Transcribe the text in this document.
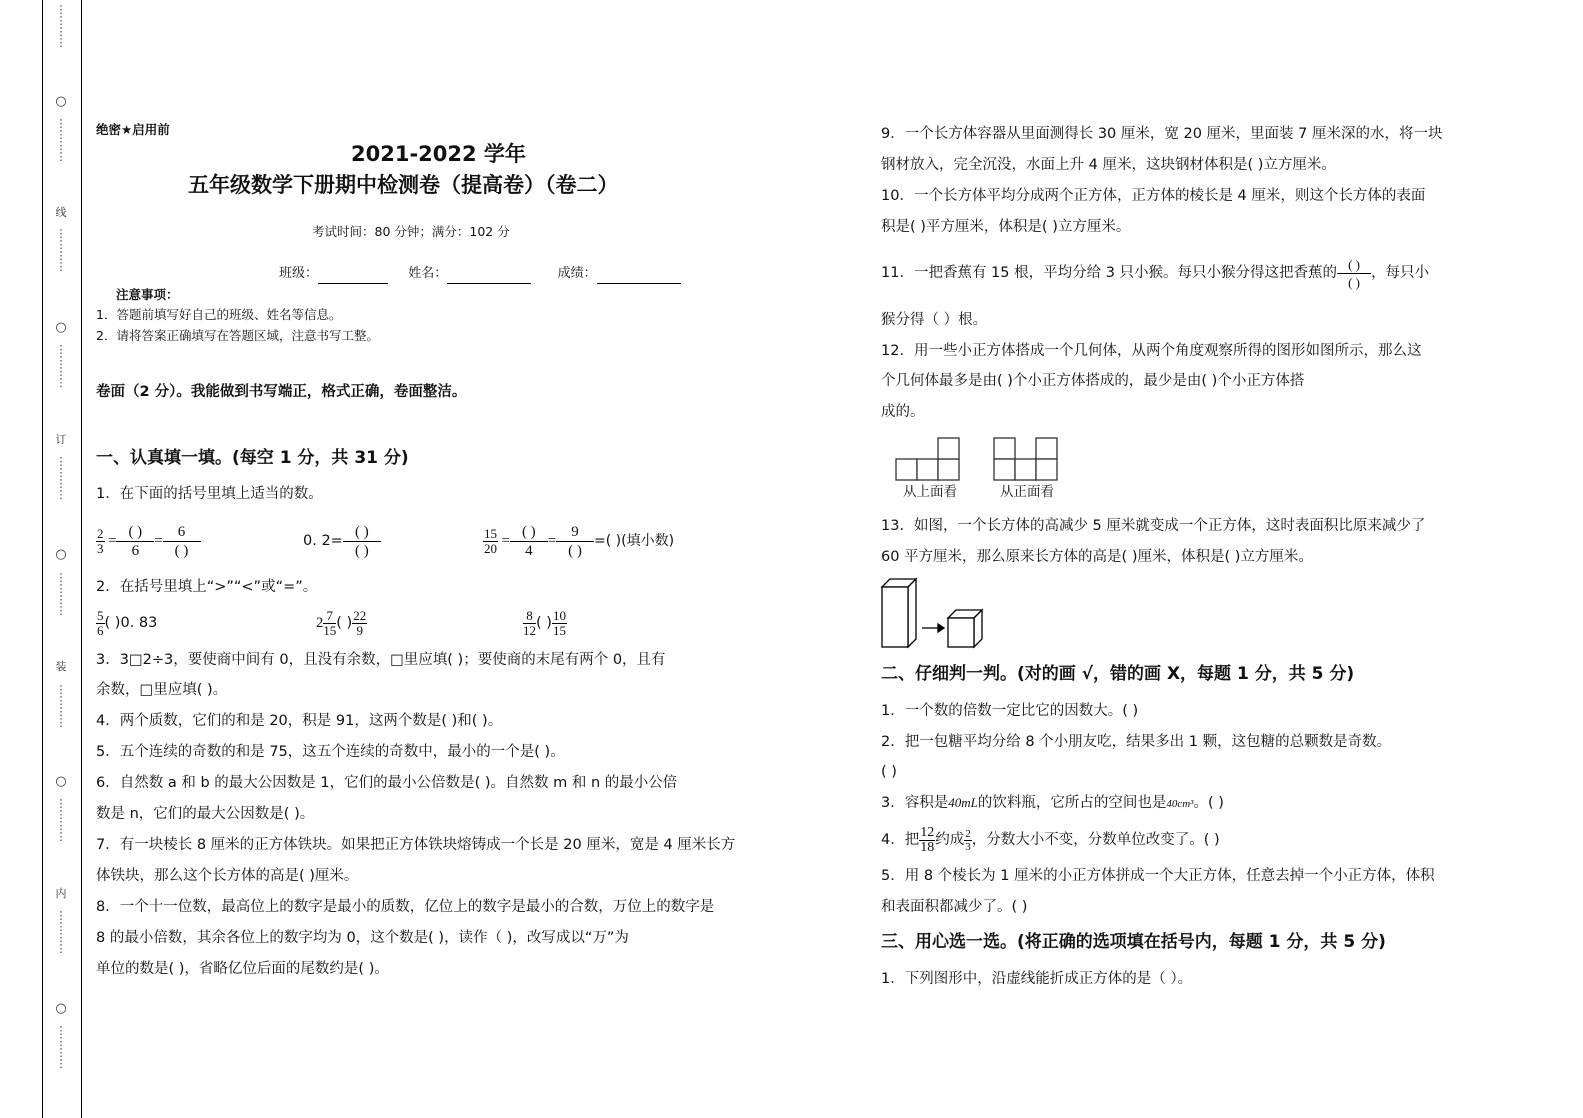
⋮
⋮
⋮
⋮
○
⋮
⋮
⋮
⋮
线
⋮
⋮
⋮
⋮
○
⋮
⋮
⋮
⋮
订
⋮
⋮
⋮
⋮
○
⋮
⋮
⋮
⋮
装
⋮
⋮
⋮
⋮
○
⋮
⋮
⋮
⋮
内
⋮
⋮
⋮
⋮
○
⋮
⋮
⋮
⋮
绝密★启用前
2021-2022 学年
五年级数学下册期中检测卷（提高卷）（卷二）
考试时间：80 分钟；满分：102 分
班级：	姓名：	成绩：
注意事项：
1．答题前填写好自己的班级、姓名等信息。
2．请将答案正确填写在答题区域，注意书写工整。
卷面（2 分）。我能做到书写端正，格式正确，卷面整洁。
一、认真填一填。(每空 1 分，共 31 分)
1．在下面的括号里填上适当的数。
$\frac{2}{3}$ =
( )
6
=
6
( )
0. 2=
( )
( )	$\frac{15}{20}$ =
( )
4
=
9
( )
=( )(填小数)
2．在括号里填上“>”“<”或“=”。
$\frac{5}{6}$ ( )0. 83	$2 \frac{7}{15}$ ( ) $\frac{22}{9}$	$\frac{8}{12}$ ( ) $\frac{10}{15}$
3．3□2÷3，要使商中间有 0，且没有余数，□里应填( )；要使商的末尾有两个 0，且有
余数，□里应填( )。
4．两个质数，它们的和是 20，积是 91，这两个数是( )和( )。
5．五个连续的奇数的和是 75，这五个连续的奇数中，最小的一个是( )。
6．自然数 a 和 b 的最大公因数是 1，它们的最小公倍数是( )。自然数 m 和 n 的最小公倍
数是 n，它们的最大公因数是( )。
7．有一块棱长 8 厘米的正方体铁块。如果把正方体铁块熔铸成一个长是 20 厘米，宽是 4 厘米长方
体铁块，那么这个长方体的高是( )厘米。
8．一个十一位数，最高位上的数字是最小的质数，亿位上的数字是最小的合数，万位上的数字是
8 的最小倍数，其余各位上的数字均为 0，这个数是( )，读作（ )，改写成以“万”为
单位的数是( )，省略亿位后面的尾数约是( )。
9．一个长方体容器从里面测得长 30 厘米，宽 20 厘米，里面装 7 厘米深的水，将一块
钢材放入，完全沉没，水面上升 4 厘米，这块钢材体积是( )立方厘米。
10．一个长方体平均分成两个正方体，正方体的棱长是 4 厘米，则这个长方体的表面
积是( )平方厘米，体积是( )立方厘米。
11．一把香蕉有 15 根，平均分给 3 只小猴。每只小猴分得这把香蕉的
( )
( )
，每只小
猴分得（ ）根。
12．用一些小正方体搭成一个几何体，从两个角度观察所得的图形如图所示，那么这
个几何体最多是由( )个小正方体搭成的，最少是由( )个小正方体搭
成的。
从上面看	从正面看
13．如图，一个长方体的高减少 5 厘米就变成一个正方体，这时表面积比原来减少了
60 平方厘米，那么原来长方体的高是( )厘米，体积是( )立方厘米。
二、仔细判一判。(对的画 √，错的画 X，每题 1 分，共 5 分)
1．一个数的倍数一定比它的因数大。( )
2．把一包糖平均分给 8 个小朋友吃，结果多出 1 颗，这包糖的总颗数是奇数。
( )
3．容积是40mL的饮料瓶，它所占的空间也是40cm³。( )
4．把 $\frac{12}{18}$ 约成 $\frac{2}{3}$ ，分数大小不变，分数单位改变了。( )
5．用 8 个棱长为 1 厘米的小正方体拼成一个大正方体，任意去掉一个小正方体，体积
和表面积都减少了。( )
三、用心选一选。(将正确的选项填在括号内，每题 1 分，共 5 分)
1．下列图形中，沿虚线能折成正方体的是（ ）。
